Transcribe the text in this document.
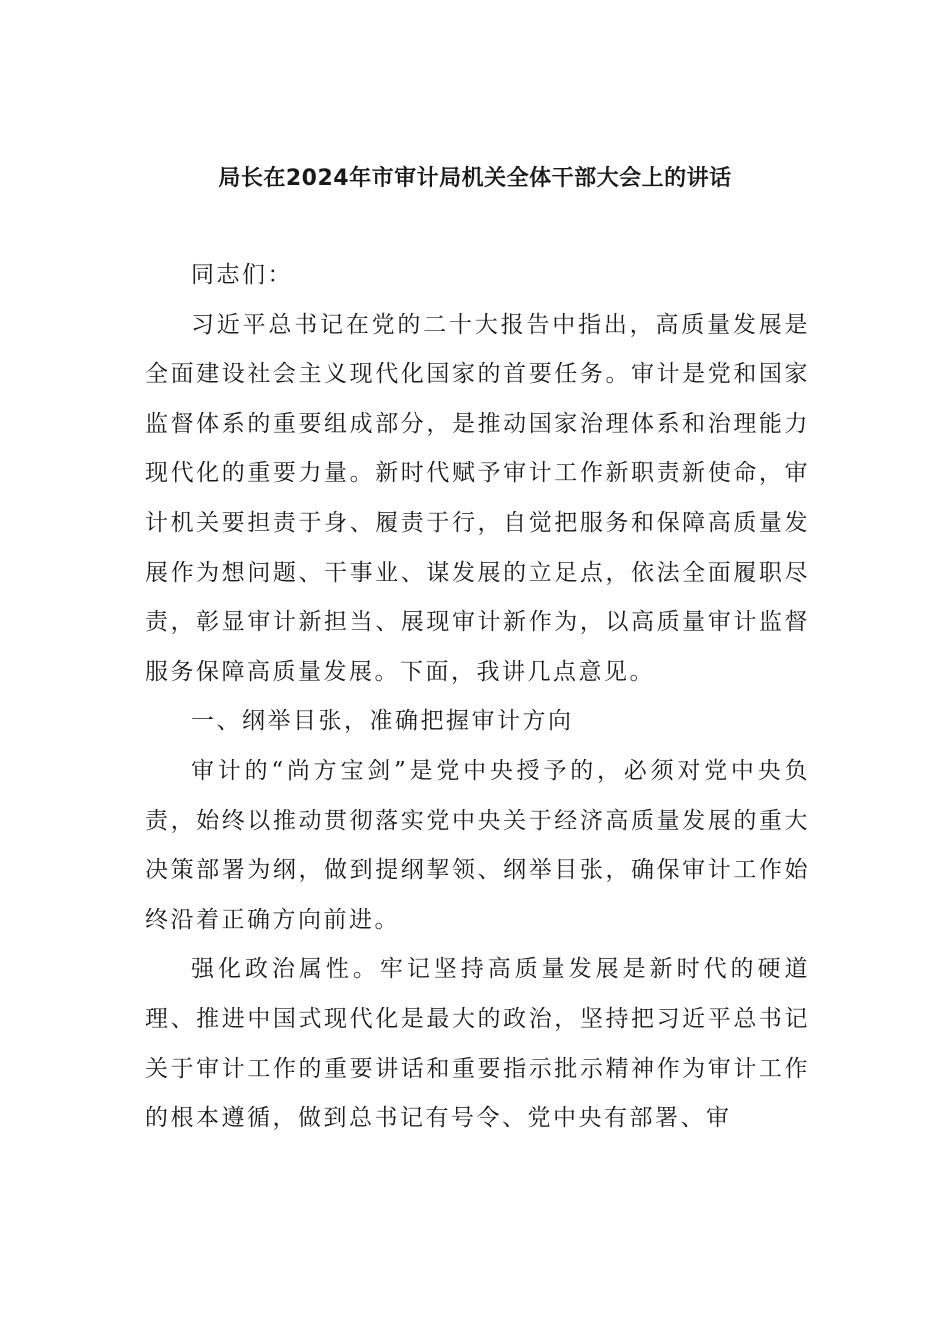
局长在2024年市审计局机关全体干部大会上的讲话

同志们：

习近平总书记在党的二十大报告中指出，高质量发展是全面建设社会主义现代化国家的首要任务。审计是党和国家监督体系的重要组成部分，是推动国家治理体系和治理能力现代化的重要力量。新时代赋予审计工作新职责新使命，审计机关要担责于身、履责于行，自觉把服务和保障高质量发展作为想问题、干事业、谋发展的立足点，依法全面履职尽责，彰显审计新担当、展现审计新作为，以高质量审计监督服务保障高质量发展。下面，我讲几点意见。

一、纲举目张，准确把握审计方向

审计的“尚方宝剑”是党中央授予的，必须对党中央负责，始终以推动贯彻落实党中央关于经济高质量发展的重大决策部署为纲，做到提纲挈领、纲举目张，确保审计工作始终沿着正确方向前进。

强化政治属性。牢记坚持高质量发展是新时代的硬道理、推进中国式现代化是最大的政治，坚持把习近平总书记关于审计工作的重要讲话和重要指示批示精神作为审计工作的根本遵循，做到总书记有号令、党中央有部署、审
